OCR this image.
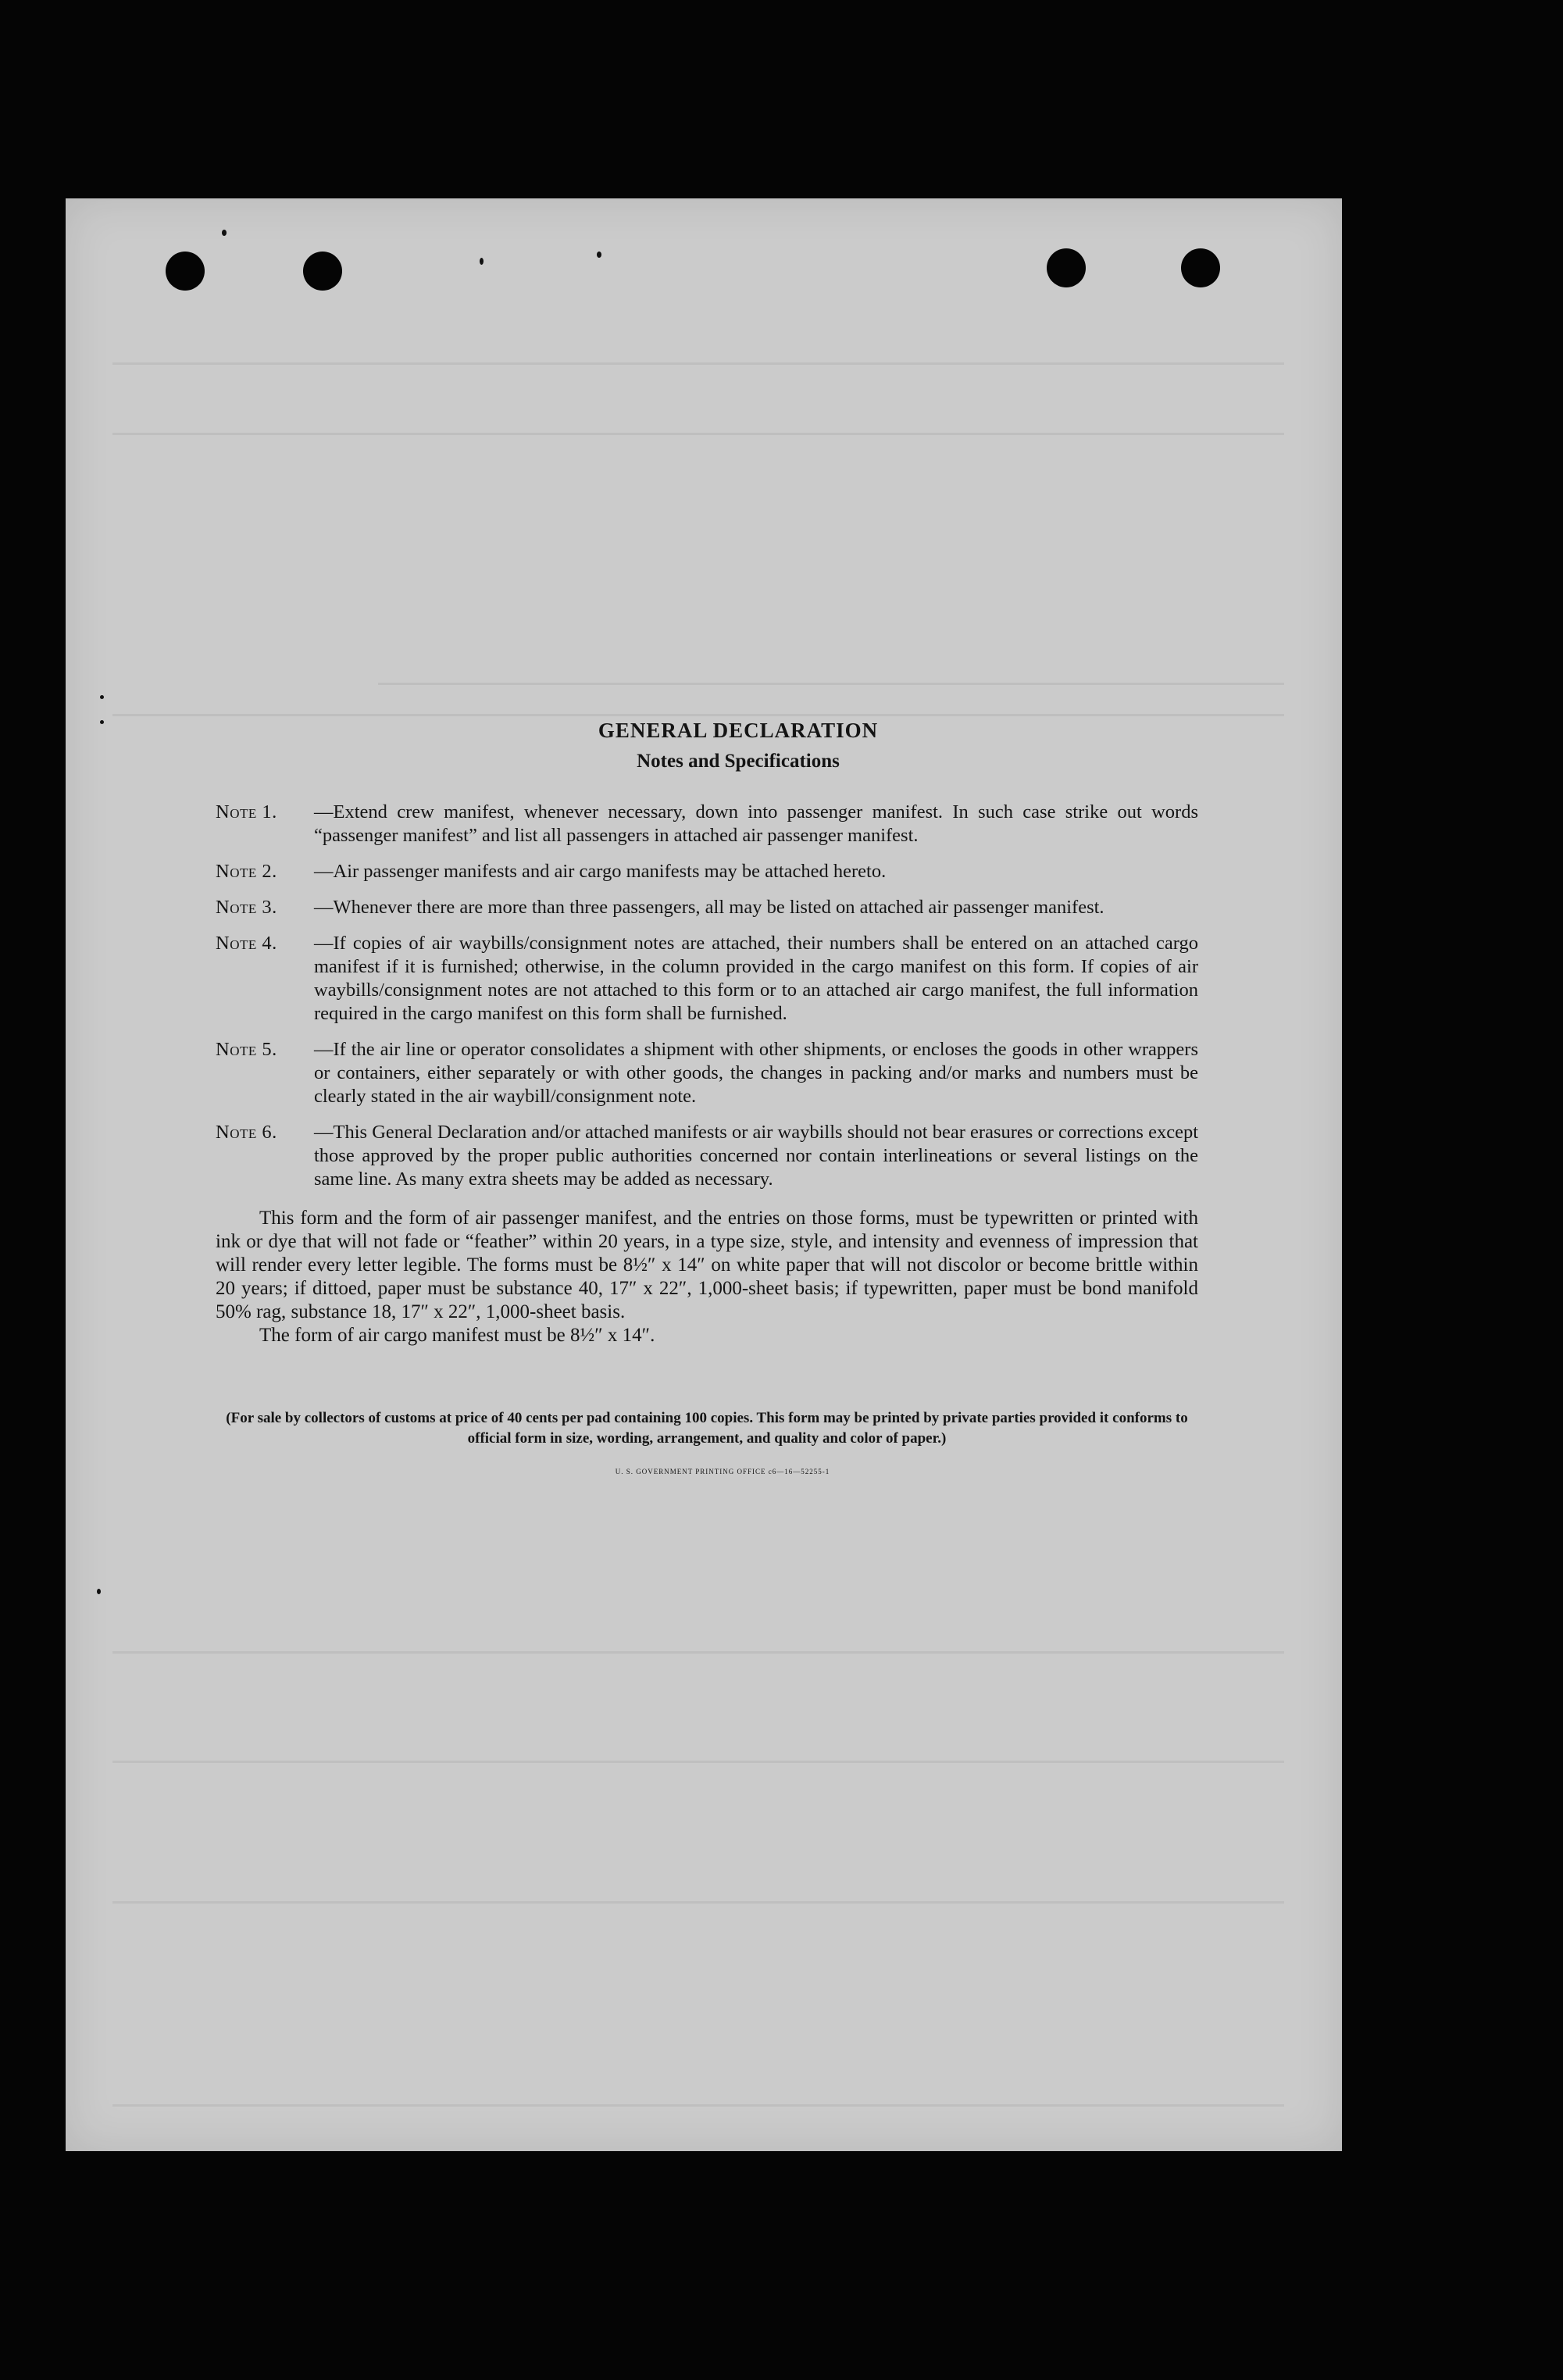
GENERAL DECLARATION
Notes and Specifications
Note 1. —Extend crew manifest, whenever necessary, down into passenger manifest. In such case strike out words “passenger manifest” and list all passengers in attached air passenger manifest.
Note 2. —Air passenger manifests and air cargo manifests may be attached hereto.
Note 3. —Whenever there are more than three passengers, all may be listed on attached air passenger manifest.
Note 4. —If copies of air waybills/consignment notes are attached, their numbers shall be entered on an attached cargo manifest if it is furnished; otherwise, in the column provided in the cargo manifest on this form. If copies of air waybills/consignment notes are not attached to this form or to an attached air cargo manifest, the full information required in the cargo manifest on this form shall be furnished.
Note 5. —If the air line or operator consolidates a shipment with other shipments, or encloses the goods in other wrappers or containers, either separately or with other goods, the changes in packing and/or marks and numbers must be clearly stated in the air waybill/consignment note.
Note 6. —This General Declaration and/or attached manifests or air waybills should not bear erasures or corrections except those approved by the proper public authorities concerned nor contain interlineations or several listings on the same line. As many extra sheets may be added as necessary.
This form and the form of air passenger manifest, and the entries on those forms, must be typewritten or printed with ink or dye that will not fade or “feather” within 20 years, in a type size, style, and intensity and evenness of impression that will render every letter legible. The forms must be 8½″ x 14″ on white paper that will not discolor or become brittle within 20 years; if dittoed, paper must be substance 40, 17″ x 22″, 1,000-sheet basis; if typewritten, paper must be bond manifold 50% rag, substance 18, 17″ x 22″, 1,000-sheet basis.
The form of air cargo manifest must be 8½″ x 14″.
(For sale by collectors of customs at price of 40 cents per pad containing 100 copies. This form may be printed by private parties provided it conforms to official form in size, wording, arrangement, and quality and color of paper.)
U. S. GOVERNMENT PRINTING OFFICE c6—16—52255-1
